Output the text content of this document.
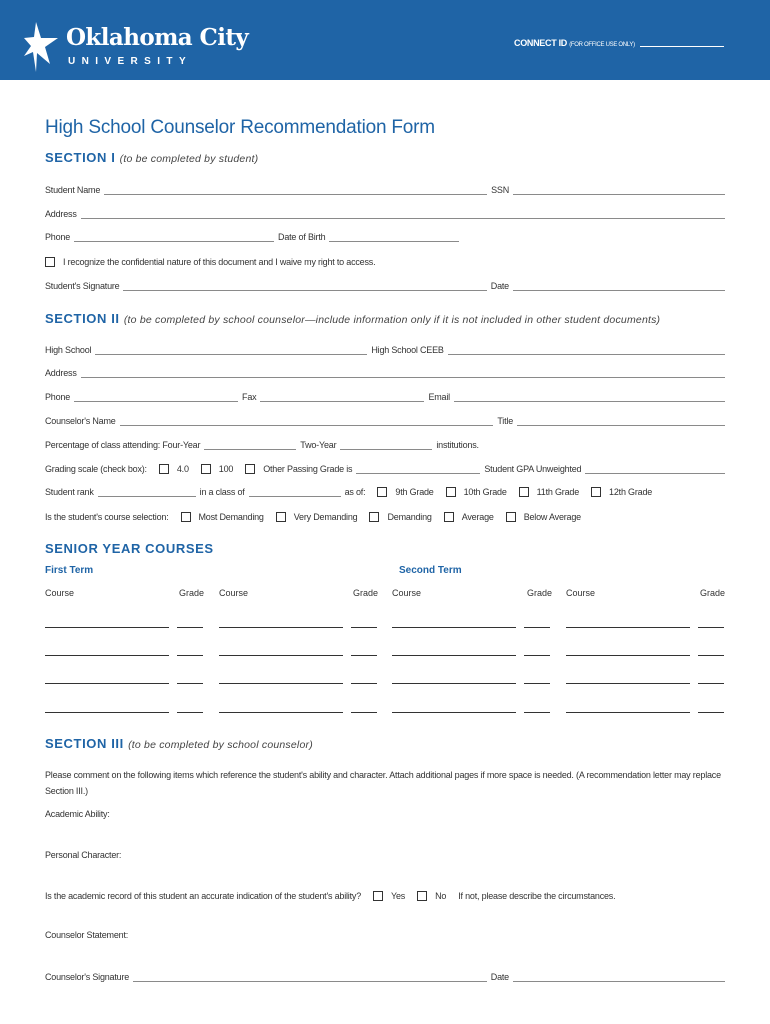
Oklahoma City
UNIVERSITY
CONNECT ID (FOR OFFICE USE ONLY)
High School Counselor Recommendation Form
SECTION I (to be completed by student)
Student Name	SSN
Address
Phone	Date of Birth
I recognize the confidential nature of this document and I waive my right to access.
Student's Signature	Date
SECTION II (to be completed by school counselor—include information only if it is not included in other student documents)
High School	High School CEEB
Address
Phone	Fax	Email
Counselor's Name	Title
Percentage of class attending: Four-Year	Two-Year	institutions.
Grading scale (check box):	4.0	100	Other Passing Grade is	Student GPA Unweighted
Student rank	in a class of	as of:	9th Grade	10th Grade	11th Grade	12th Grade
Is the student's course selection:	Most Demanding	Very Demanding	Demanding	Average	Below Average
SENIOR YEAR COURSES
First Term	Second Term
Course	Grade Course	Grade Course	Grade Course	Grade
SECTION III (to be completed by school counselor)
Please comment on the following items which reference the student's ability and character. Attach additional pages if more space is needed. (A recommendation letter may replace Section III.)
Academic Ability:
Personal Character:
Is the academic record of this student an accurate indication of the student's ability?	Yes	No If not, please describe the circumstances.
Counselor Statement:
Counselor's Signature	Date
